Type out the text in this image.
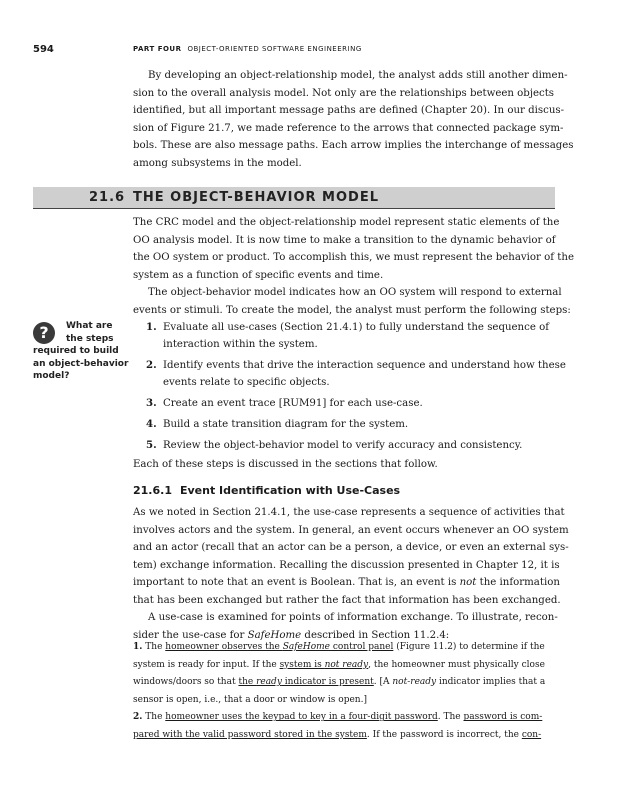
594	PART FOUR OBJECT-ORIENTED SOFTWARE ENGINEERING

By developing an object-relationship model, the analyst adds still another dimen-
sion to the overall analysis model. Not only are the relationships between objects
identified, but all important message paths are defined (Chapter 20). In our discus-
sion of Figure 21.7, we made reference to the arrows that connected package sym-
bols. These are also message paths. Each arrow implies the interchange of messages
among subsystems in the model.

21.6 THE OBJECT-BEHAVIOR MODEL
The CRC model and the object-relationship model represent static elements of the
OO analysis model. It is now time to make a transition to the dynamic behavior of
the OO system or product. To accomplish this, we must represent the behavior of the
system as a function of specific events and time.
The object-behavior model indicates how an OO system will respond to external
events or stimuli. To create the model, the analyst must perform the following steps:
?	What are
the steps
required to build
an object-behavior
model?
1. Evaluate all use-cases (Section 21.4.1) to fully understand the sequence of
interaction within the system.
2. Identify events that drive the interaction sequence and understand how these
events relate to specific objects.
3. Create an event trace [RUM91] for each use-case.
4. Build a state transition diagram for the system.
5. Review the object-behavior model to verify accuracy and consistency.
Each of these steps is discussed in the sections that follow.
21.6.1 Event Identification with Use-Cases
As we noted in Section 21.4.1, the use-case represents a sequence of activities that
involves actors and the system. In general, an event occurs whenever an OO system
and an actor (recall that an actor can be a person, a device, or even an external sys-
tem) exchange information. Recalling the discussion presented in Chapter 12, it is
important to note that an event is Boolean. That is, an event is not the information
that has been exchanged but rather the fact that information has been exchanged.
A use-case is examined for points of information exchange. To illustrate, recon-
sider the use-case for SafeHome described in Section 11.2.4:
1. The homeowner observes the SafeHome control panel (Figure 11.2) to determine if the
system is ready for input. If the system is not ready, the homeowner must physically close
windows/doors so that the ready indicator is present. [A not-ready indicator implies that a
sensor is open, i.e., that a door or window is open.]
2. The homeowner uses the keypad to key in a four-digit password. The password is com-
pared with the valid password stored in the system. If the password is incorrect, the con-
